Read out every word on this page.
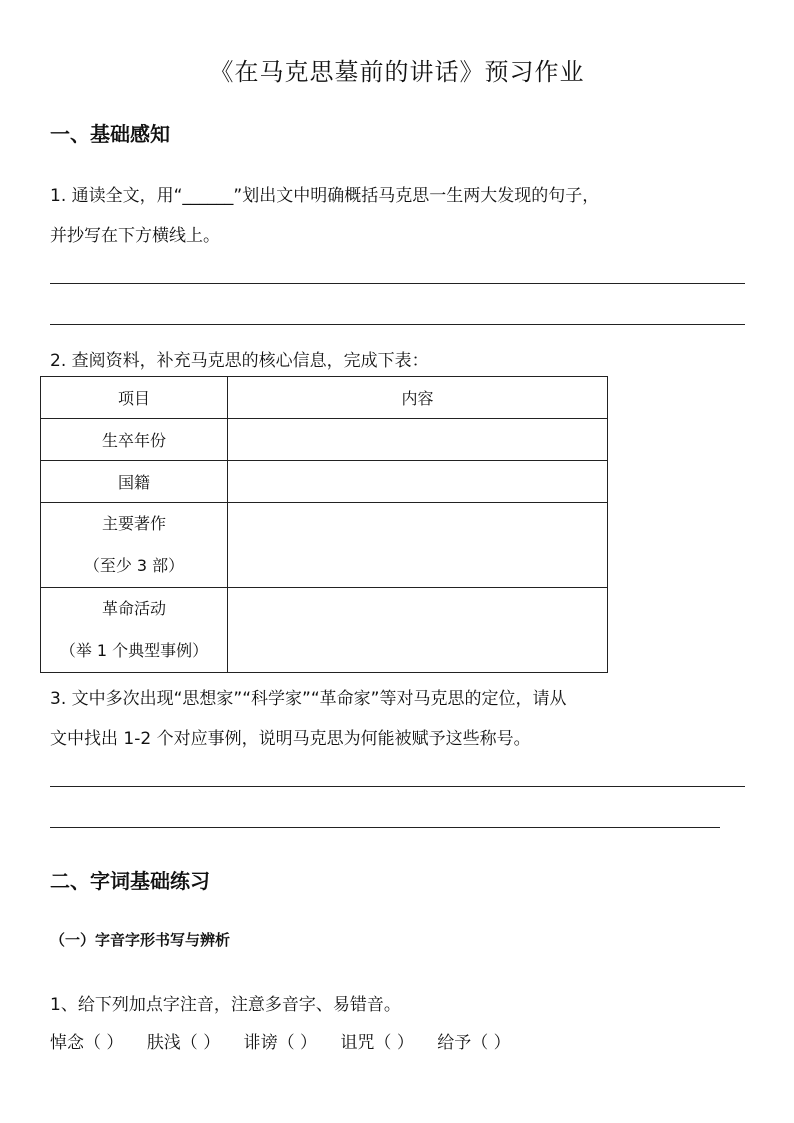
《在马克思墓前的讲话》预习作业
一、基础感知
1. 通读全文，用“______”划出文中明确概括马克思一生两大发现的句子，
并抄写在下方横线上。
2. 查阅资料，补充马克思的核心信息，完成下表：
项目	内容
生卒年份	
国籍	

主要著作
（至少 3 部）	

革命活动
（举 1 个典型事例）	

3. 文中多次出现“思想家”“科学家”“革命家”等对马克思的定位，请从
文中找出 1-2 个对应事例，说明马克思为何能被赋予这些称号。
二、字词基础练习
（一）字音字形书写与辨析
1、给下列加点字注音，注意多音字、易错音。
悼念（ ） 肤浅（ ） 诽谤（ ） 诅咒（ ） 给予（ ）
